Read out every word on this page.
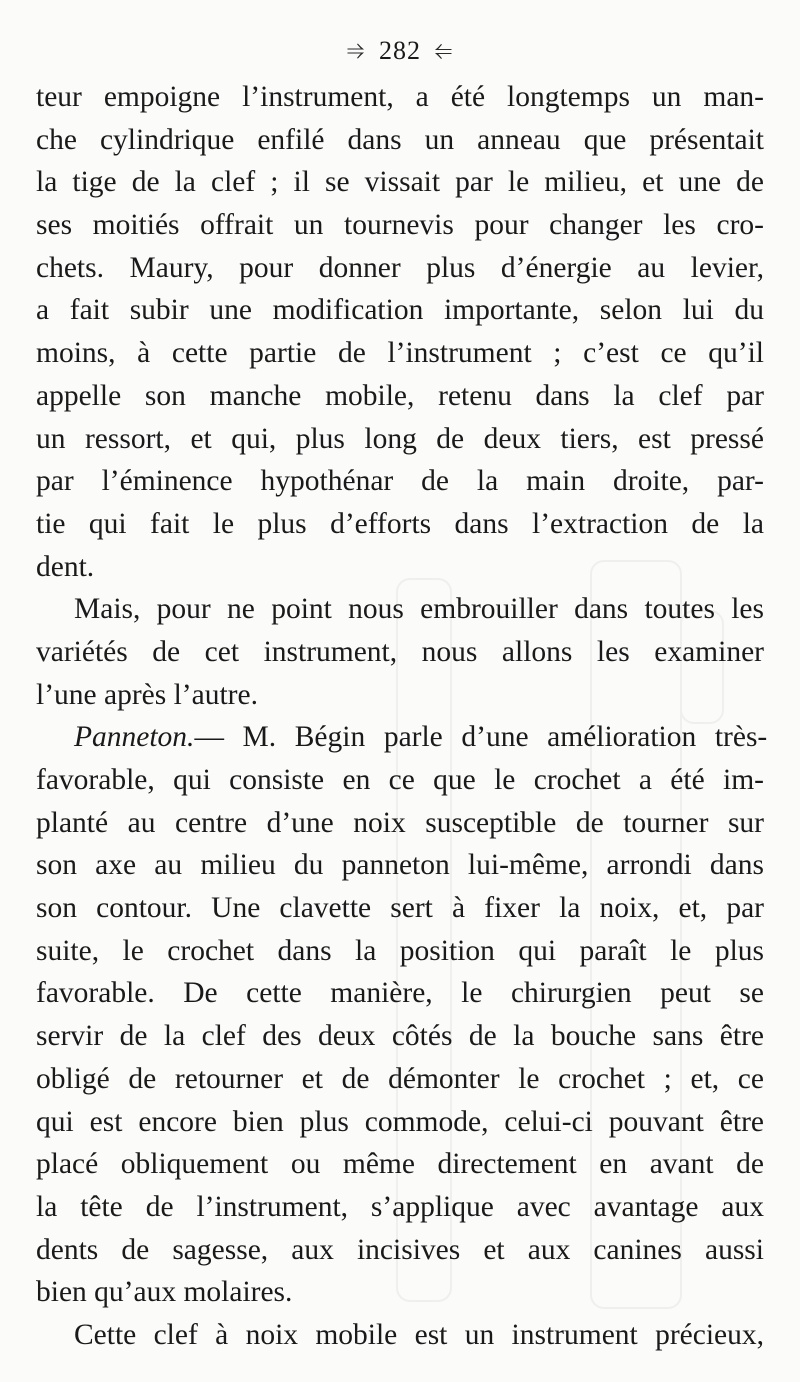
⥤ 282 ⥢
teur empoigne l’instrument, a été longtemps un man-
che cylindrique enfilé dans un anneau que présentait
la tige de la clef ; il se vissait par le milieu, et une de
ses moitiés offrait un tournevis pour changer les cro-
chets. Maury, pour donner plus d’énergie au levier,
a fait subir une modification importante, selon lui du
moins, à cette partie de l’instrument ; c’est ce qu’il
appelle son manche mobile, retenu dans la clef par
un ressort, et qui, plus long de deux tiers, est pressé
par l’éminence hypothénar de la main droite, par-
tie qui fait le plus d’efforts dans l’extraction de la
dent.
Mais, pour ne point nous embrouiller dans toutes les
variétés de cet instrument, nous allons les examiner
l’une après l’autre.
Panneton.— M. Bégin parle d’une amélioration très-
favorable, qui consiste en ce que le crochet a été im-
planté au centre d’une noix susceptible de tourner sur
son axe au milieu du panneton lui-même, arrondi dans
son contour. Une clavette sert à fixer la noix, et, par
suite, le crochet dans la position qui paraît le plus
favorable. De cette manière, le chirurgien peut se
servir de la clef des deux côtés de la bouche sans être
obligé de retourner et de démonter le crochet ; et, ce
qui est encore bien plus commode, celui-ci pouvant être
placé obliquement ou même directement en avant de
la tête de l’instrument, s’applique avec avantage aux
dents de sagesse, aux incisives et aux canines aussi
bien qu’aux molaires.
Cette clef à noix mobile est un instrument précieux,
